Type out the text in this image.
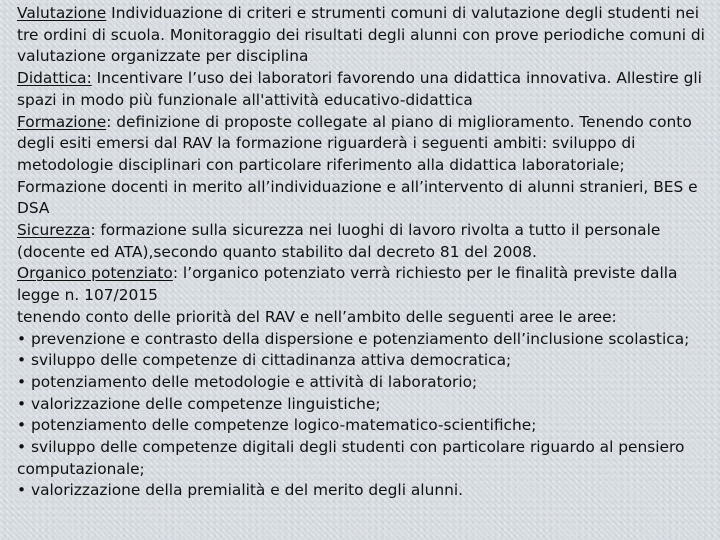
Valutazione Individuazione di criteri e strumenti comuni di valutazione degli studenti nei tre ordini di scuola. Monitoraggio dei risultati degli alunni con prove periodiche comuni di valutazione organizzate per disciplina

Didattica: Incentivare l’uso dei laboratori favorendo una didattica innovativa. Allestire gli spazi in modo più funzionale all'attività educativo-didattica

Formazione: definizione di proposte collegate al piano di miglioramento. Tenendo conto degli esiti emersi dal RAV la formazione riguarderà i seguenti ambiti: sviluppo di metodologie disciplinari con particolare riferimento alla didattica laboratoriale; Formazione docenti in merito all’individuazione e all’intervento di alunni stranieri, BES e DSA

Sicurezza: formazione sulla sicurezza nei luoghi di lavoro rivolta a tutto il personale (docente ed ATA),secondo quanto stabilito dal decreto 81 del 2008.

Organico potenziato: l’organico potenziato verrà richiesto per le finalità previste dalla legge n. 107/2015

tenendo conto delle priorità del RAV e nell’ambito delle seguenti aree le aree:

• prevenzione e contrasto della dispersione e potenziamento dell’inclusione scolastica;

• sviluppo delle competenze di cittadinanza attiva democratica;

• potenziamento delle metodologie e attività di laboratorio;

• valorizzazione delle competenze linguistiche;

• potenziamento delle competenze logico-matematico-scientifiche;

• sviluppo delle competenze digitali degli studenti con particolare riguardo al pensiero computazionale;

• valorizzazione della premialità e del merito degli alunni.
